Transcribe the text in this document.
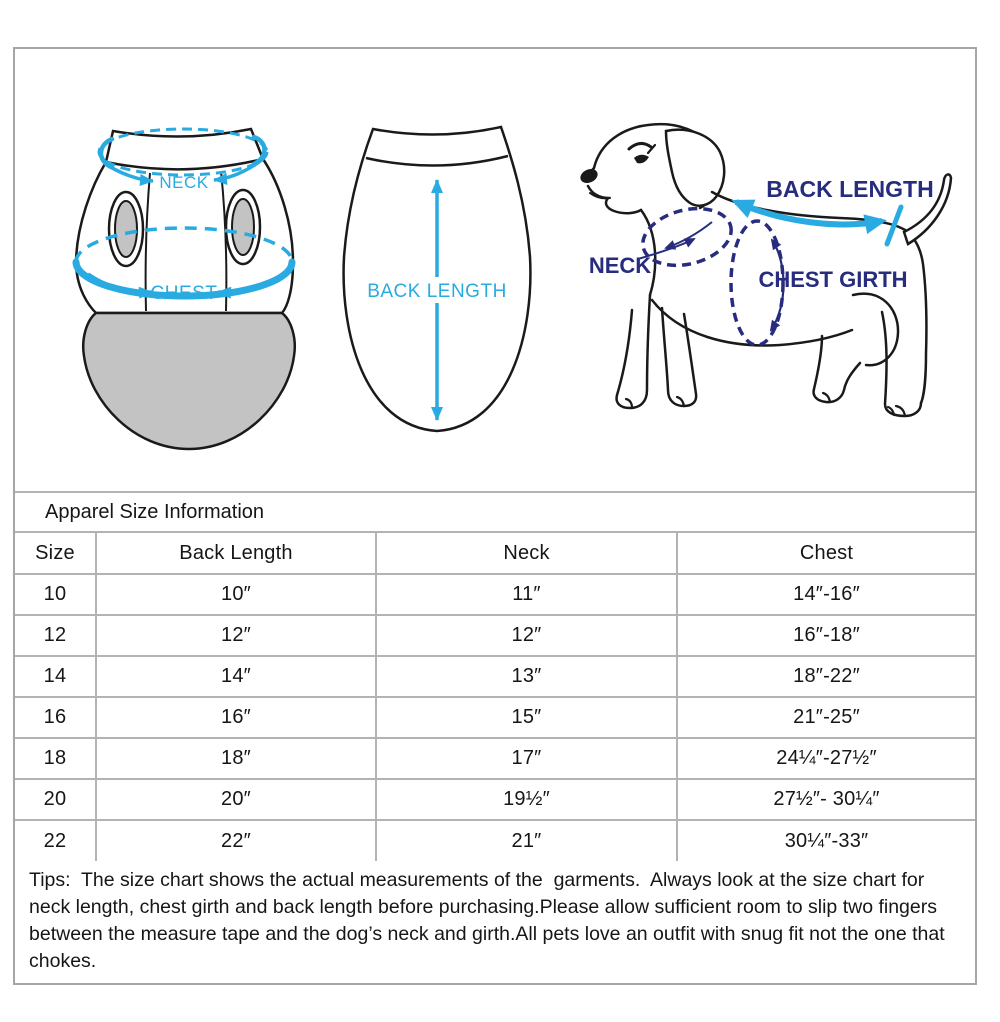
NECK
CHEST	BACK LENGTH
BACK LENGTH
NECK
CHEST GIRTH
Apparel Size Information
Size	Back Length	Neck	Chest
10	10″	11″	14″-16″
12	12″	12″	16″-18″
14	14″	13″	18″-22″
16	16″	15″	21″-25″
18	18″	17″	24¼″-27½″
20	20″	19½″	27½″- 30¼″
22	22″	21″	30¼″-33″
Tips:  The size chart shows the actual measurements of the  garments.  Always look at the size chart for neck length, chest girth and back length before purchasing.Please allow sufficient room to slip two fingers between the measure tape and the dog’s neck and girth.All pets love an outfit with snug fit not the one that chokes.
